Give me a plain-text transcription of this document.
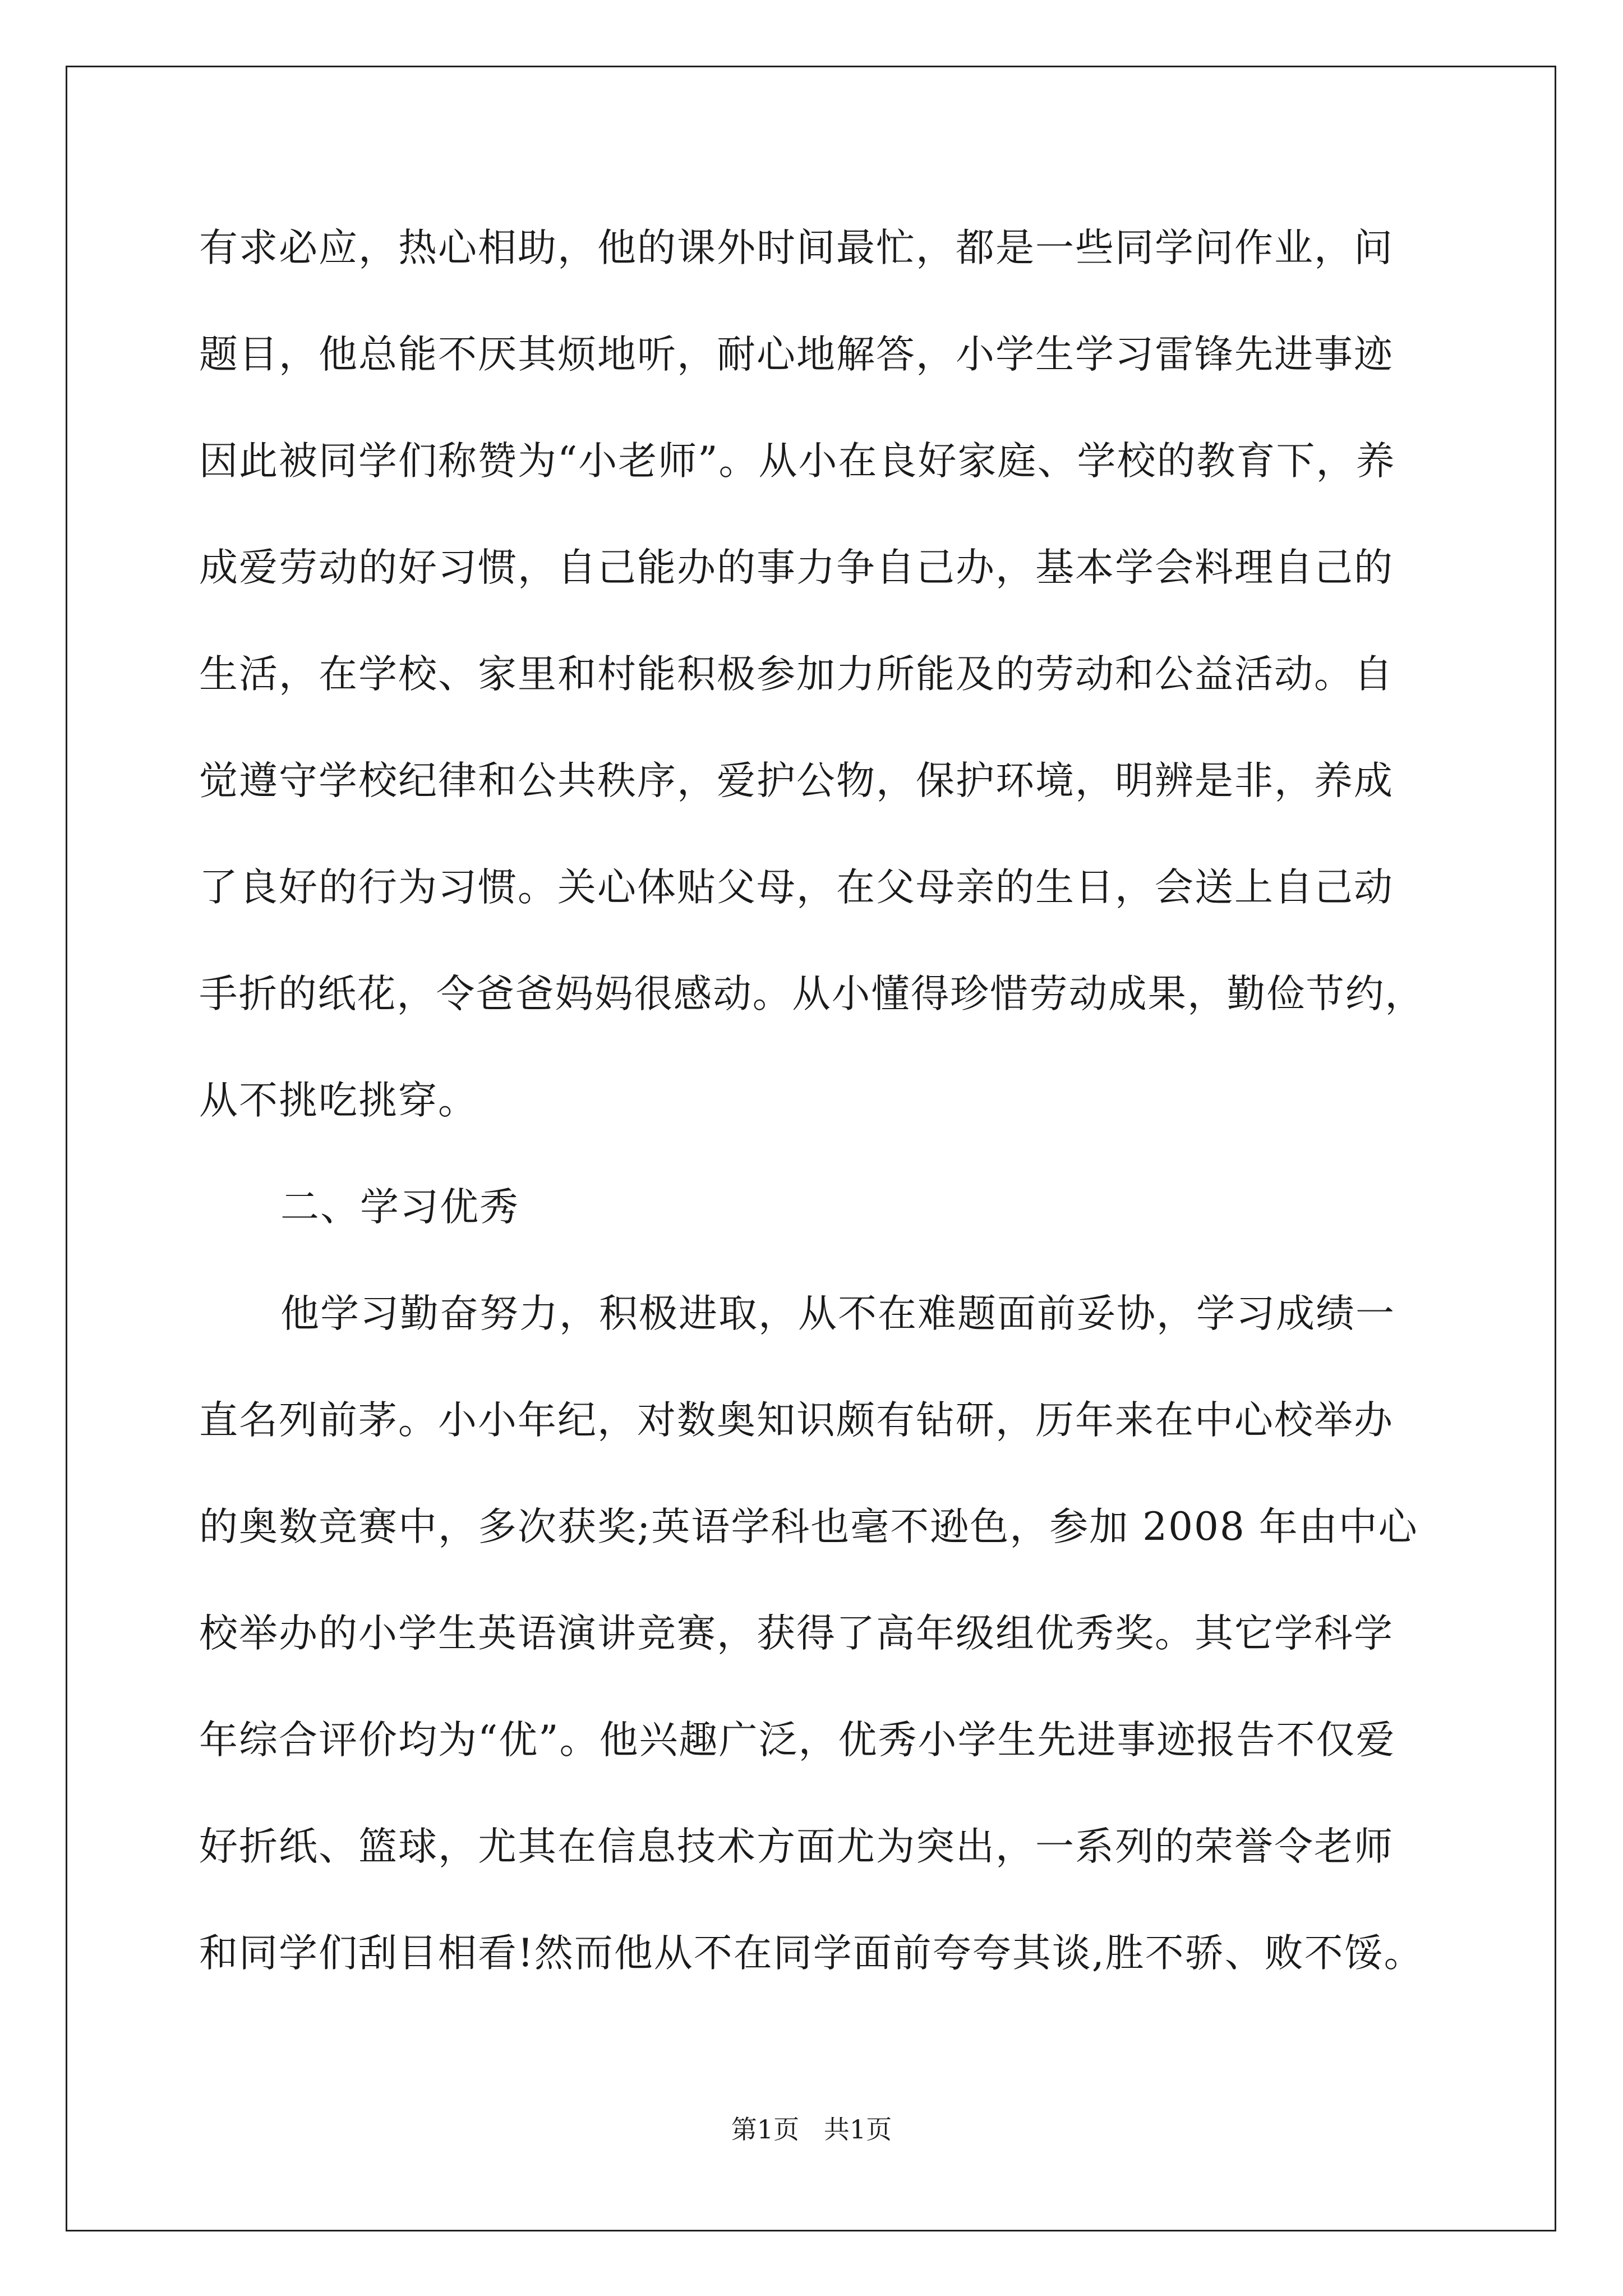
有求必应，热心相助，他的课外时间最忙，都是一些同学问作业，问
题目，他总能不厌其烦地听，耐心地解答，小学生学习雷锋先进事迹
因此被同学们称赞为“小老师”。从小在良好家庭、学校的教育下，养
成爱劳动的好习惯，自己能办的事力争自己办，基本学会料理自己的
生活，在学校、家里和村能积极参加力所能及的劳动和公益活动。自
觉遵守学校纪律和公共秩序，爱护公物，保护环境，明辨是非，养成
了良好的行为习惯。关心体贴父母，在父母亲的生日，会送上自己动
手折的纸花，令爸爸妈妈很感动。从小懂得珍惜劳动成果，勤俭节约，
从不挑吃挑穿。
二、学习优秀
他学习勤奋努力，积极进取，从不在难题面前妥协，学习成绩一
直名列前茅。小小年纪，对数奥知识颇有钻研，历年来在中心校举办
的奥数竞赛中，多次获奖;英语学科也毫不逊色，参加 2008 年由中心
校举办的小学生英语演讲竞赛，获得了高年级组优秀奖。其它学科学
年综合评价均为“优”。他兴趣广泛，优秀小学生先进事迹报告不仅爱
好折纸、篮球，尤其在信息技术方面尤为突出，一系列的荣誉令老师
和同学们刮目相看!然而他从不在同学面前夸夸其谈,胜不骄、败不馁。
第1页   共1页
